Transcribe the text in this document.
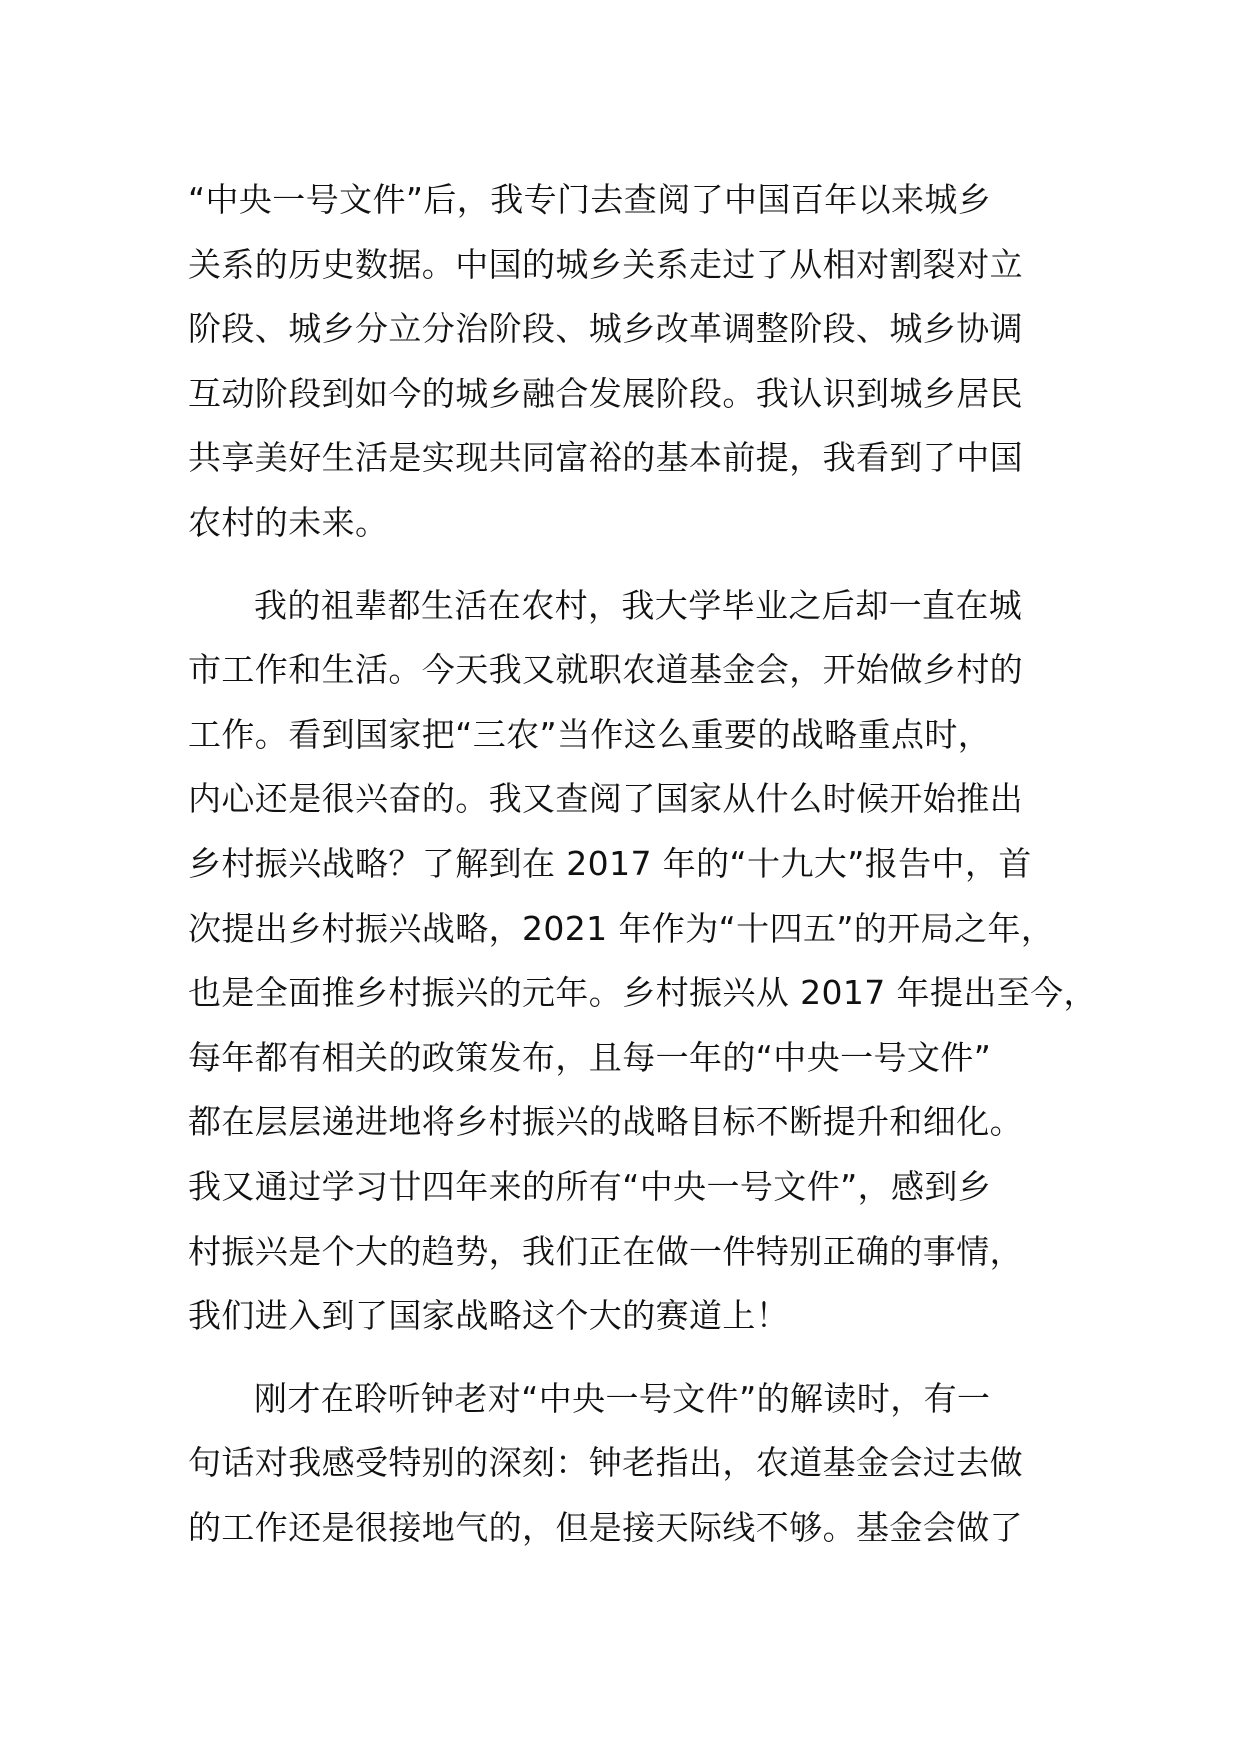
“中央一号文件”后，我专门去查阅了中国百年以来城乡
关系的历史数据。中国的城乡关系走过了从相对割裂对立
阶段、城乡分立分治阶段、城乡改革调整阶段、城乡协调
互动阶段到如今的城乡融合发展阶段。我认识到城乡居民
共享美好生活是实现共同富裕的基本前提，我看到了中国
农村的未来。

我的祖辈都生活在农村，我大学毕业之后却一直在城
市工作和生活。今天我又就职农道基金会，开始做乡村的
工作。看到国家把“三农”当作这么重要的战略重点时，
内心还是很兴奋的。我又查阅了国家从什么时候开始推出
乡村振兴战略？了解到在 2017 年的“十九大”报告中，首
次提出乡村振兴战略，2021 年作为“十四五”的开局之年，
也是全面推乡村振兴的元年。乡村振兴从 2017 年提出至今，
每年都有相关的政策发布，且每一年的“中央一号文件”
都在层层递进地将乡村振兴的战略目标不断提升和细化。
我又通过学习廿四年来的所有“中央一号文件”，感到乡
村振兴是个大的趋势，我们正在做一件特别正确的事情，
我们进入到了国家战略这个大的赛道上！

刚才在聆听钟老对“中央一号文件”的解读时，有一
句话对我感受特别的深刻：钟老指出，农道基金会过去做
的工作还是很接地气的，但是接天际线不够。基金会做了
